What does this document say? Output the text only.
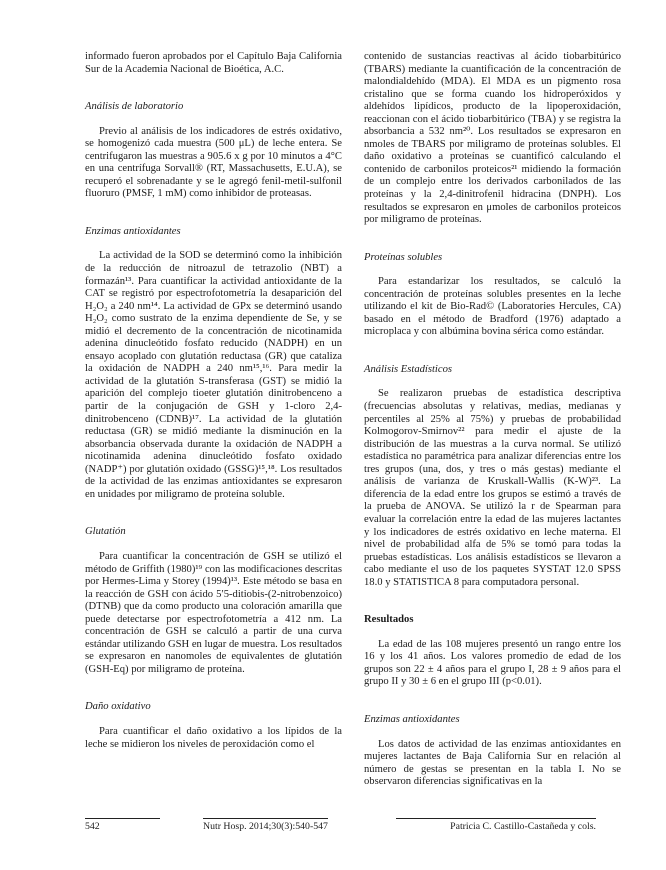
informado fueron aprobados por el Capítulo Baja California Sur de la Academia Nacional de Bioética, A.C.

Análisis de laboratorio

Previo al análisis de los indicadores de estrés oxidativo, se homogenizó cada muestra (500 μL) de leche entera. Se centrifugaron las muestras a 905.6 x g por 10 minutos a 4°C en una centrífuga Sorvall® (RT, Massachusetts, E.U.A), se recuperó el sobrenadante y se le agregó fenil-metil-sulfonil fluoruro (PMSF, 1 mM) como inhibidor de proteasas.

Enzimas antioxidantes

La actividad de la SOD se determinó como la inhibición de la reducción de nitroazul de tetrazolio (NBT) a formazán¹³. Para cuantificar la actividad antioxidante de la CAT se registró por espectrofotometría la desaparición del H₂O₂ a 240 nm¹⁴. La actividad de GPx se determinó usando H₂O₂ como sustrato de la enzima dependiente de Se, y se midió el decremento de la concentración de nicotinamida adenina dinucleótido fosfato reducido (NADPH) en un ensayo acoplado con glutatión reductasa (GR) que cataliza la oxidación de NADPH a 240 nm¹⁵,¹⁶. Para medir la actividad de la glutatión S-transferasa (GST) se midió la aparición del complejo tioeter glutatión dinitrobenceno a partir de la conjugación de GSH y 1-cloro 2,4-dinitrobenceno (CDNB)¹⁷. La actividad de la glutatión reductasa (GR) se midió mediante la disminución en la absorbancia observada durante la oxidación de NADPH a nicotinamida adenina dinucleótido fosfato oxidado (NADP⁺) por glutatión oxidado (GSSG)¹⁵,¹⁸. Los resultados de la actividad de las enzimas antioxidantes se expresaron en unidades por miligramo de proteína soluble.

Glutatión

Para cuantificar la concentración de GSH se utilizó el método de Griffith (1980)¹⁹ con las modificaciones descritas por Hermes-Lima y Storey (1994)¹³. Este método se basa en la reacción de GSH con ácido 5′5-ditiobis-(2-nitrobenzoico) (DTNB) que da como producto una coloración amarilla que puede detectarse por espectrofotometría a 412 nm. La concentración de GSH se calculó a partir de una curva estándar utilizando GSH en lugar de muestra. Los resultados se expresaron en nanomoles de equivalentes de glutatión (GSH-Eq) por miligramo de proteína.

Daño oxidativo

Para cuantificar el daño oxidativo a los lípidos de la leche se midieron los niveles de peroxidación como el

contenido de sustancias reactivas al ácido tiobarbitúrico (TBARS) mediante la cuantificación de la concentración de malondialdehído (MDA). El MDA es un pigmento rosa cristalino que se forma cuando los hidroperóxidos y aldehídos lipídicos, producto de la lipoperoxidación, reaccionan con el ácido tiobarbitúrico (TBA) y se registra la absorbancia a 532 nm²⁰. Los resultados se expresaron en nmoles de TBARS por miligramo de proteínas solubles. El daño oxidativo a proteínas se cuantificó calculando el contenido de carbonilos proteicos²¹ midiendo la formación de un complejo entre los derivados carbonilados de las proteínas y la 2,4-dinitrofenil hidracina (DNPH). Los resultados se expresaron en μmoles de carbonilos proteicos por miligramo de proteínas.

Proteínas solubles

Para estandarizar los resultados, se calculó la concentración de proteínas solubles presentes en la leche utilizando el kit de Bio-Rad© (Laboratories Hercules, CA) basado en el método de Bradford (1976) adaptado a microplaca y con albúmina bovina sérica como estándar.

Análisis Estadísticos

Se realizaron pruebas de estadística descriptiva (frecuencias absolutas y relativas, medias, medianas y percentiles al 25% al 75%) y pruebas de probabilidad Kolmogorov-Smirnov²² para medir el ajuste de la distribución de las muestras a la curva normal. Se utilizó estadística no paramétrica para analizar diferencias entre los tres grupos (una, dos, y tres o más gestas) mediante el análisis de varianza de Kruskall-Wallis (K-W)²³. La diferencia de la edad entre los grupos se estimó a través de la prueba de ANOVA. Se utilizó la r de Spearman para evaluar la correlación entre la edad de las mujeres lactantes y los indicadores de estrés oxidativo en leche materna. El nivel de probabilidad alfa de 5% se tomó para todas la pruebas estadísticas. Los análisis estadísticos se llevaron a cabo mediante el uso de los paquetes SYSTAT 12.0 SPSS 18.0 y STATISTICA 8 para computadora personal.

Resultados

La edad de las 108 mujeres presentó un rango entre los 16 y los 41 años. Los valores promedio de edad de los grupos son 22 ± 4 años para el grupo I, 28 ± 9 años para el grupo II y 30 ± 6 en el grupo III (p<0.01).

Enzimas antioxidantes

Los datos de actividad de las enzimas antioxidantes en mujeres lactantes de Baja California Sur en relación al número de gestas se presentan en la tabla I. No se observaron diferencias significativas en la

542	Nutr Hosp. 2014;30(3):540-547	Patricia C. Castillo-Castañeda y cols.
